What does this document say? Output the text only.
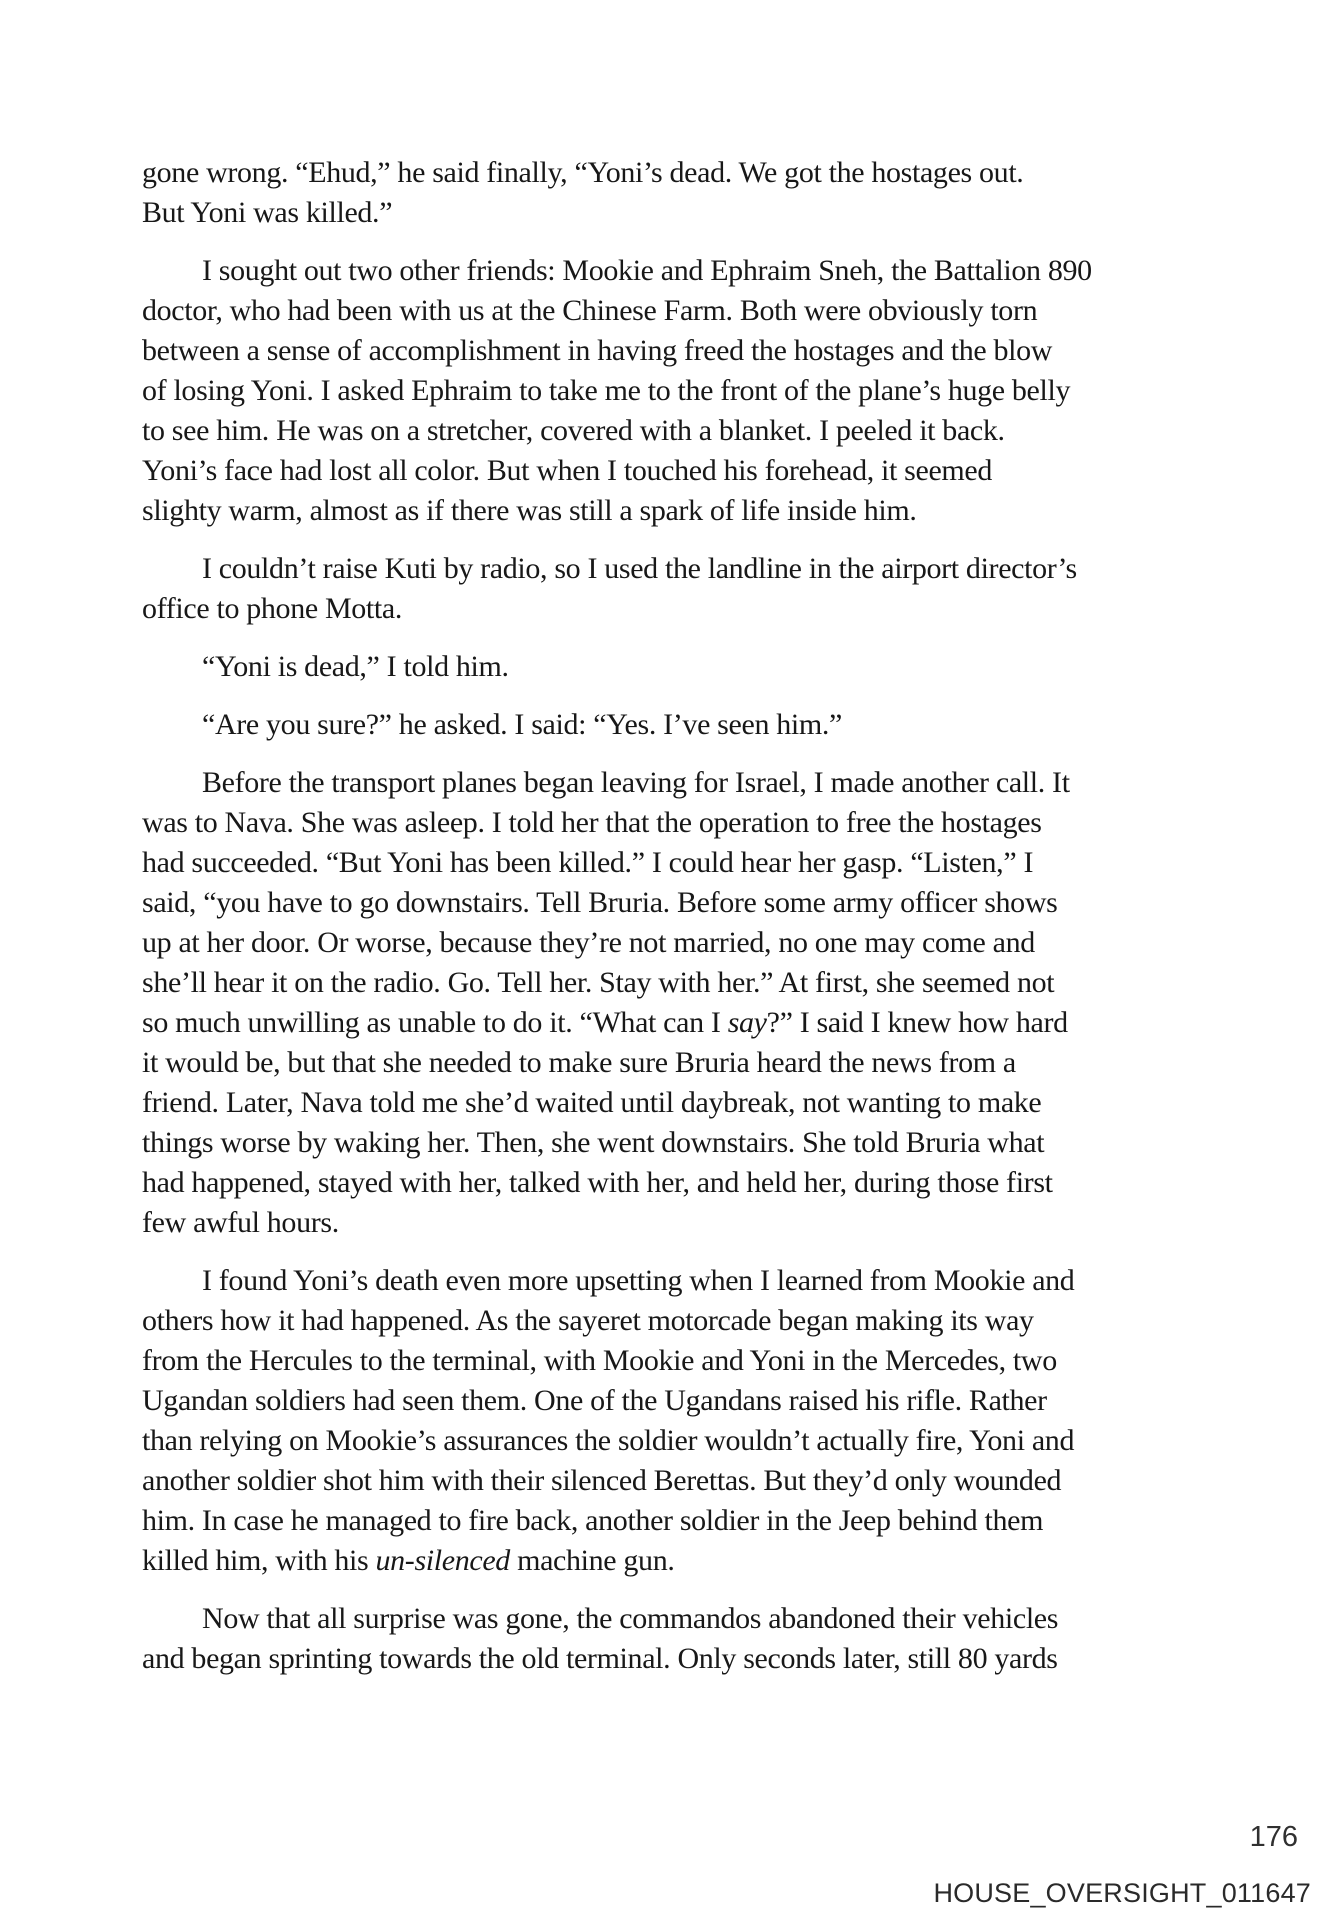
gone wrong. “Ehud,” he said finally, “Yoni’s dead. We got the hostages out.
But Yoni was killed.”
I sought out two other friends: Mookie and Ephraim Sneh, the Battalion 890
doctor, who had been with us at the Chinese Farm. Both were obviously torn
between a sense of accomplishment in having freed the hostages and the blow
of losing Yoni. I asked Ephraim to take me to the front of the plane’s huge belly
to see him. He was on a stretcher, covered with a blanket. I peeled it back.
Yoni’s face had lost all color. But when I touched his forehead, it seemed
slighty warm, almost as if there was still a spark of life inside him.
I couldn’t raise Kuti by radio, so I used the landline in the airport director’s
office to phone Motta.
“Yoni is dead,” I told him.
“Are you sure?” he asked. I said: “Yes. I’ve seen him.”
Before the transport planes began leaving for Israel, I made another call. It
was to Nava. She was asleep. I told her that the operation to free the hostages
had succeeded. “But Yoni has been killed.” I could hear her gasp. “Listen,” I
said, “you have to go downstairs. Tell Bruria. Before some army officer shows
up at her door. Or worse, because they’re not married, no one may come and
she’ll hear it on the radio. Go. Tell her. Stay with her.” At first, she seemed not
so much unwilling as unable to do it. “What can I say?” I said I knew how hard
it would be, but that she needed to make sure Bruria heard the news from a
friend. Later, Nava told me she’d waited until daybreak, not wanting to make
things worse by waking her. Then, she went downstairs. She told Bruria what
had happened, stayed with her, talked with her, and held her, during those first
few awful hours.
I found Yoni’s death even more upsetting when I learned from Mookie and
others how it had happened. As the sayeret motorcade began making its way
from the Hercules to the terminal, with Mookie and Yoni in the Mercedes, two
Ugandan soldiers had seen them. One of the Ugandans raised his rifle. Rather
than relying on Mookie’s assurances the soldier wouldn’t actually fire, Yoni and
another soldier shot him with their silenced Berettas. But they’d only wounded
him. In case he managed to fire back, another soldier in the Jeep behind them
killed him, with his un-silenced machine gun.
Now that all surprise was gone, the commandos abandoned their vehicles
and began sprinting towards the old terminal. Only seconds later, still 80 yards
176
HOUSE_OVERSIGHT_011647
